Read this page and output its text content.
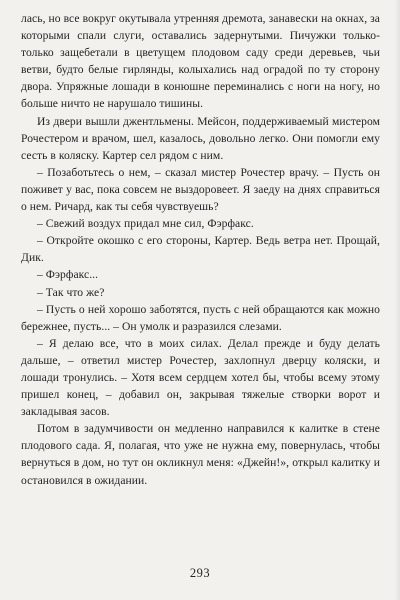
лась, но все вокруг окутывала утренняя дремота, занавески на окнах, за которыми спали слуги, оставались задернутыми. Пичужки только-только защебетали в цветущем плодовом саду среди деревьев, чьи ветви, будто белые гирлянды, колыхались над оградой по ту сторону двора. Упряжные лошади в конюшне переминались с ноги на ногу, но больше ничто не нарушало тишины.

Из двери вышли джентльмены. Мейсон, поддерживаемый мистером Рочестером и врачом, шел, казалось, довольно легко. Они помогли ему сесть в коляску. Картер сел рядом с ним.

– Позаботьтесь о нем, – сказал мистер Рочестер врачу. – Пусть он поживет у вас, пока совсем не выздоровеет. Я заеду на днях справиться о нем. Ричард, как ты себя чувствуешь?

– Свежий воздух придал мне сил, Фэрфакс.

– Откройте окошко с его стороны, Картер. Ведь ветра нет. Прощай, Дик.

– Фэрфакс...

– Так что же?

– Пусть о ней хорошо заботятся, пусть с ней обращаются как можно бережнее, пусть... – Он умолк и разразился слезами.

– Я делаю все, что в моих силах. Делал прежде и буду делать дальше, – ответил мистер Рочестер, захлопнул дверцу коляски, и лошади тронулись. – Хотя всем сердцем хотел бы, чтобы всему этому пришел конец, – добавил он, закрывая тяжелые створки ворот и закладывая засов.

Потом в задумчивости он медленно направился к калитке в стене плодового сада. Я, полагая, что уже не нужна ему, повернулась, чтобы вернуться в дом, но тут он окликнул меня: «Джейн!», открыл калитку и остановился в ожидании.

293
